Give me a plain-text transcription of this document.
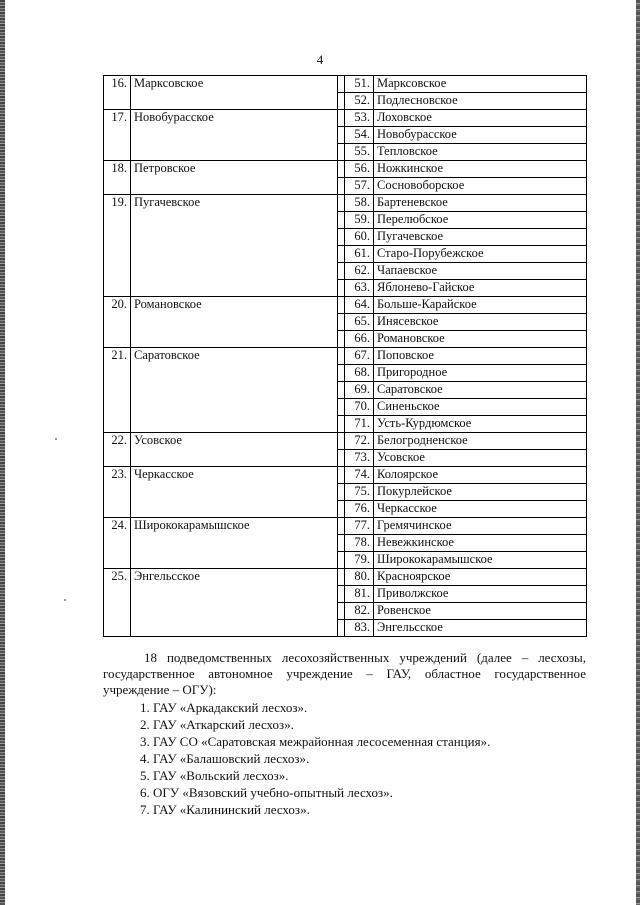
4
16.	Марксовское		51.	Марксовское
			52.	Подлесновское
17.	Новобурасское		53.	Лоховское
			54.	Новобурасское
			55.	Тепловское
18.	Петровское		56.	Ножкинское
			57.	Сосновоборское
19.	Пугачевское		58.	Бартеневское
			59.	Перелюбское
			60.	Пугачевское
			61.	Старо-Порубежское
			62.	Чапаевское
			63.	Яблонево-Гайское
20.	Романовское		64.	Больше-Карайское
			65.	Инясевское
			66.	Романовское
21.	Саратовское		67.	Поповское
			68.	Пригородное
			69.	Саратовское
			70.	Синеньское
			71.	Усть-Курдюмское
22.	Усовское		72.	Белогродненское
			73.	Усовское
23.	Черкасское		74.	Колоярское
			75.	Покурлейское
			76.	Черкасское
24.	Ширококарамышское		77.	Гремячинское
			78.	Невежкинское
			79.	Ширококарамышское
25.	Энгельсское		80.	Красноярское
			81.	Приволжское
			82.	Ровенское
			83.	Энгельсское

18 подведомственных лесохозяйственных учреждений (далее – лесхозы, государственное автономное учреждение – ГАУ, областное государственное учреждение – ОГУ):

1. ГАУ «Аркадакский лесхоз».
2. ГАУ «Аткарский лесхоз».
3. ГАУ СО «Саратовская межрайонная лесосеменная станция».
4. ГАУ «Балашовский лесхоз».
5. ГАУ «Вольский лесхоз».
6. ОГУ «Вязовский учебно-опытный лесхоз».
7. ГАУ «Калининский лесхоз».
